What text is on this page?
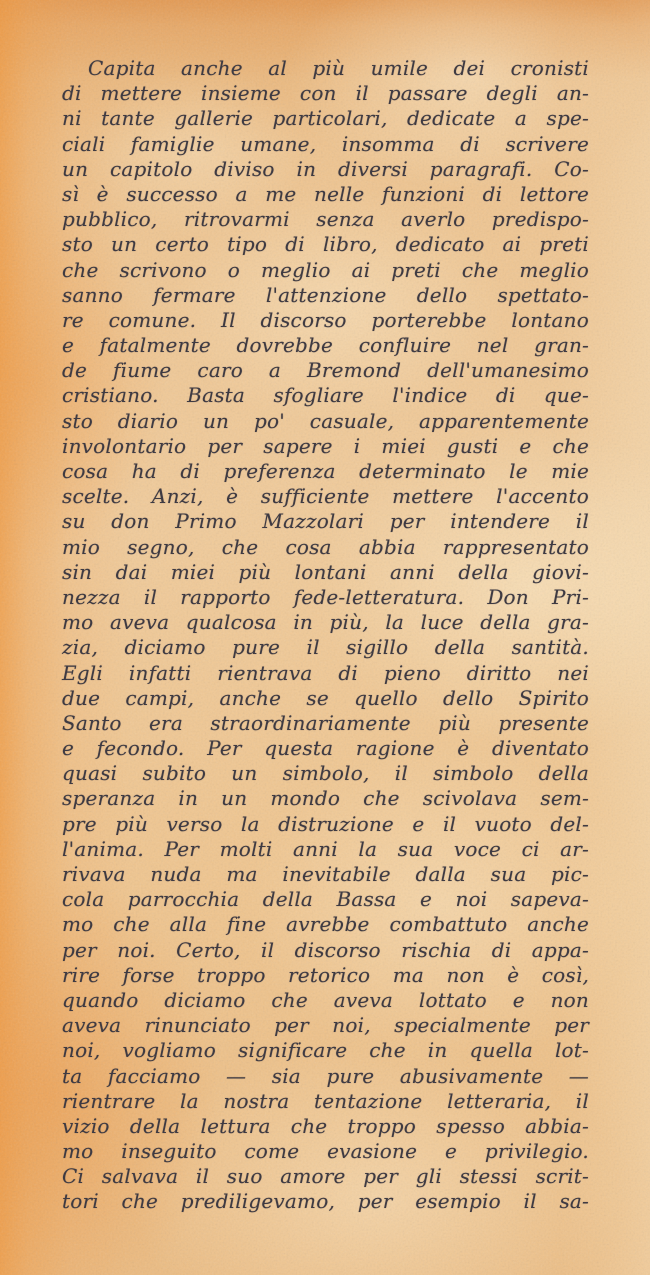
Capita anche al più umile dei cronisti
di mettere insieme con il passare degli an-
ni tante gallerie particolari, dedicate a spe-
ciali famiglie umane, insomma di scrivere
un capitolo diviso in diversi paragrafi. Co-
sì è successo a me nelle funzioni di lettore
pubblico, ritrovarmi senza averlo predispo-
sto un certo tipo di libro, dedicato ai preti
che scrivono o meglio ai preti che meglio
sanno fermare l'attenzione dello spettato-
re comune. Il discorso porterebbe lontano
e fatalmente dovrebbe confluire nel gran-
de fiume caro a Bremond dell'umanesimo
cristiano. Basta sfogliare l'indice di que-
sto diario un po' casuale, apparentemente
involontario per sapere i miei gusti e che
cosa ha di preferenza determinato le mie
scelte. Anzi, è sufficiente mettere l'accento
su don Primo Mazzolari per intendere il
mio segno, che cosa abbia rappresentato
sin dai miei più lontani anni della giovi-
nezza il rapporto fede-letteratura. Don Pri-
mo aveva qualcosa in più, la luce della gra-
zia, diciamo pure il sigillo della santità.
Egli infatti rientrava di pieno diritto nei
due campi, anche se quello dello Spirito
Santo era straordinariamente più presente
e fecondo. Per questa ragione è diventato
quasi subito un simbolo, il simbolo della
speranza in un mondo che scivolava sem-
pre più verso la distruzione e il vuoto del-
l'anima. Per molti anni la sua voce ci ar-
rivava nuda ma inevitabile dalla sua pic-
cola parrocchia della Bassa e noi sapeva-
mo che alla fine avrebbe combattuto anche
per noi. Certo, il discorso rischia di appa-
rire forse troppo retorico ma non è così,
quando diciamo che aveva lottato e non
aveva rinunciato per noi, specialmente per
noi, vogliamo significare che in quella lot-
ta facciamo — sia pure abusivamente —
rientrare la nostra tentazione letteraria, il
vizio della lettura che troppo spesso abbia-
mo inseguito come evasione e privilegio.
Ci salvava il suo amore per gli stessi scrit-
tori che prediligevamo, per esempio il sa-
